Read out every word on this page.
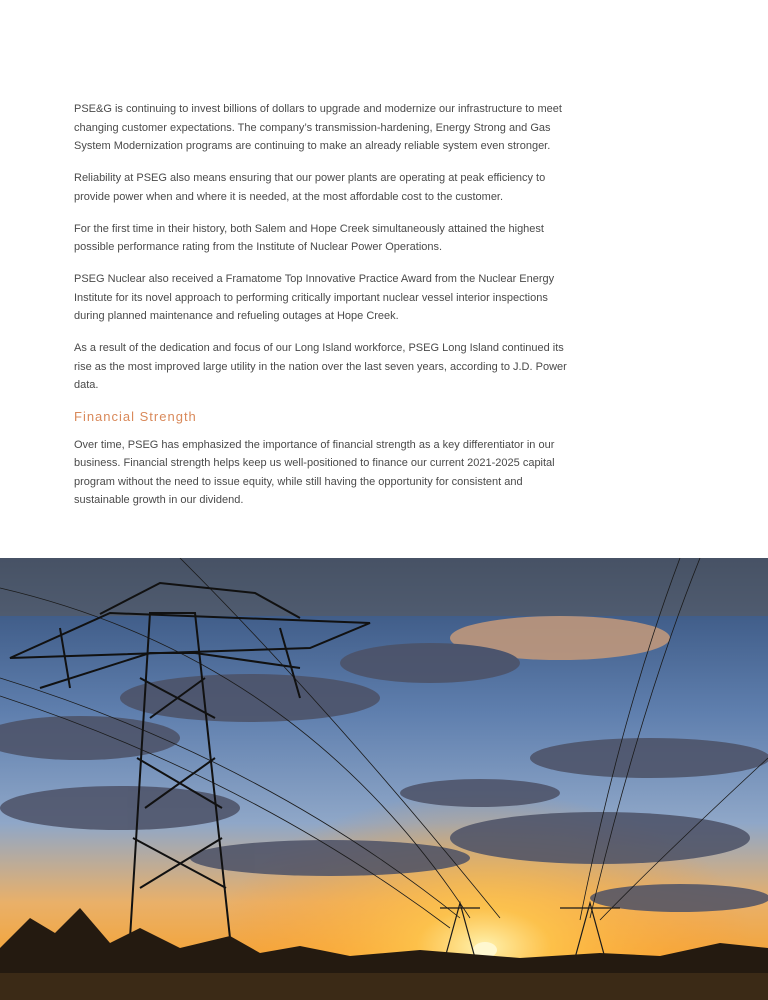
PSE&G is continuing to invest billions of dollars to upgrade and modernize our infrastructure to meet changing customer expectations. The company’s transmission-hardening, Energy Strong and Gas System Modernization programs are continuing to make an already reliable system even stronger.

Reliability at PSEG also means ensuring that our power plants are operating at peak efficiency to provide power when and where it is needed, at the most affordable cost to the customer.

For the first time in their history, both Salem and Hope Creek simultaneously attained the highest possible performance rating from the Institute of Nuclear Power Operations.

PSEG Nuclear also received a Framatome Top Innovative Practice Award from the Nuclear Energy Institute for its novel approach to performing critically important nuclear vessel interior inspections during planned maintenance and refueling outages at Hope Creek.

As a result of the dedication and focus of our Long Island workforce, PSEG Long Island continued its rise as the most improved large utility in the nation over the last seven years, according to J.D. Power data.

Financial Strength

Over time, PSEG has emphasized the importance of financial strength as a key differentiator in our business. Financial strength helps keep us well-positioned to finance our current 2021-2025 capital program without the need to issue equity, while still having the opportunity for consistent and sustainable growth in our dividend.
